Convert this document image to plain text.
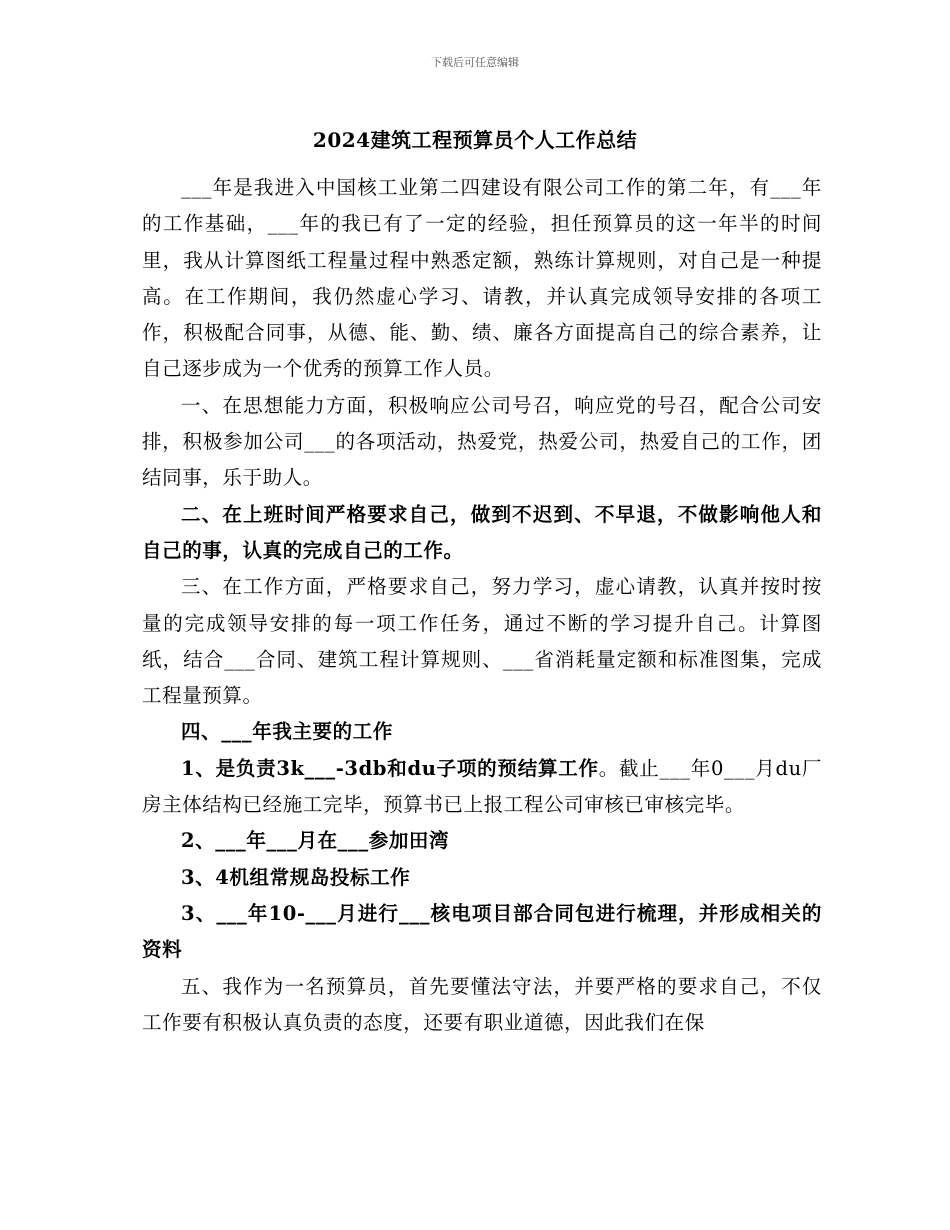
下载后可任意编辑
2024建筑工程预算员个人工作总结

___年是我进入中国核工业第二四建设有限公司工作的第二年，有___年的工作基础，___年的我已有了一定的经验，担任预算员的这一年半的时间里，我从计算图纸工程量过程中熟悉定额，熟练计算规则，对自己是一种提高。在工作期间，我仍然虚心学习、请教，并认真完成领导安排的各项工作，积极配合同事，从德、能、勤、绩、廉各方面提高自己的综合素养，让自己逐步成为一个优秀的预算工作人员。

一、在思想能力方面，积极响应公司号召，响应党的号召，配合公司安排，积极参加公司___的各项活动，热爱党，热爱公司，热爱自己的工作，团结同事，乐于助人。

二、在上班时间严格要求自己，做到不迟到、不早退，不做影响他人和自己的事，认真的完成自己的工作。

三、在工作方面，严格要求自己，努力学习，虚心请教，认真并按时按量的完成领导安排的每一项工作任务，通过不断的学习提升自己。计算图纸，结合___合同、建筑工程计算规则、___省消耗量定额和标准图集，完成工程量预算。

四、___年我主要的工作

1、是负责3k___-3db和du子项的预结算工作。截止___年0___月du厂房主体结构已经施工完毕，预算书已上报工程公司审核已审核完毕。

2、___年___月在___参加田湾

3、4机组常规岛投标工作

3、___年10-___月进行___核电项目部合同包进行梳理，并形成相关的资料

五、我作为一名预算员，首先要懂法守法，并要严格的要求自己，不仅工作要有积极认真负责的态度，还要有职业道德，因此我们在保
